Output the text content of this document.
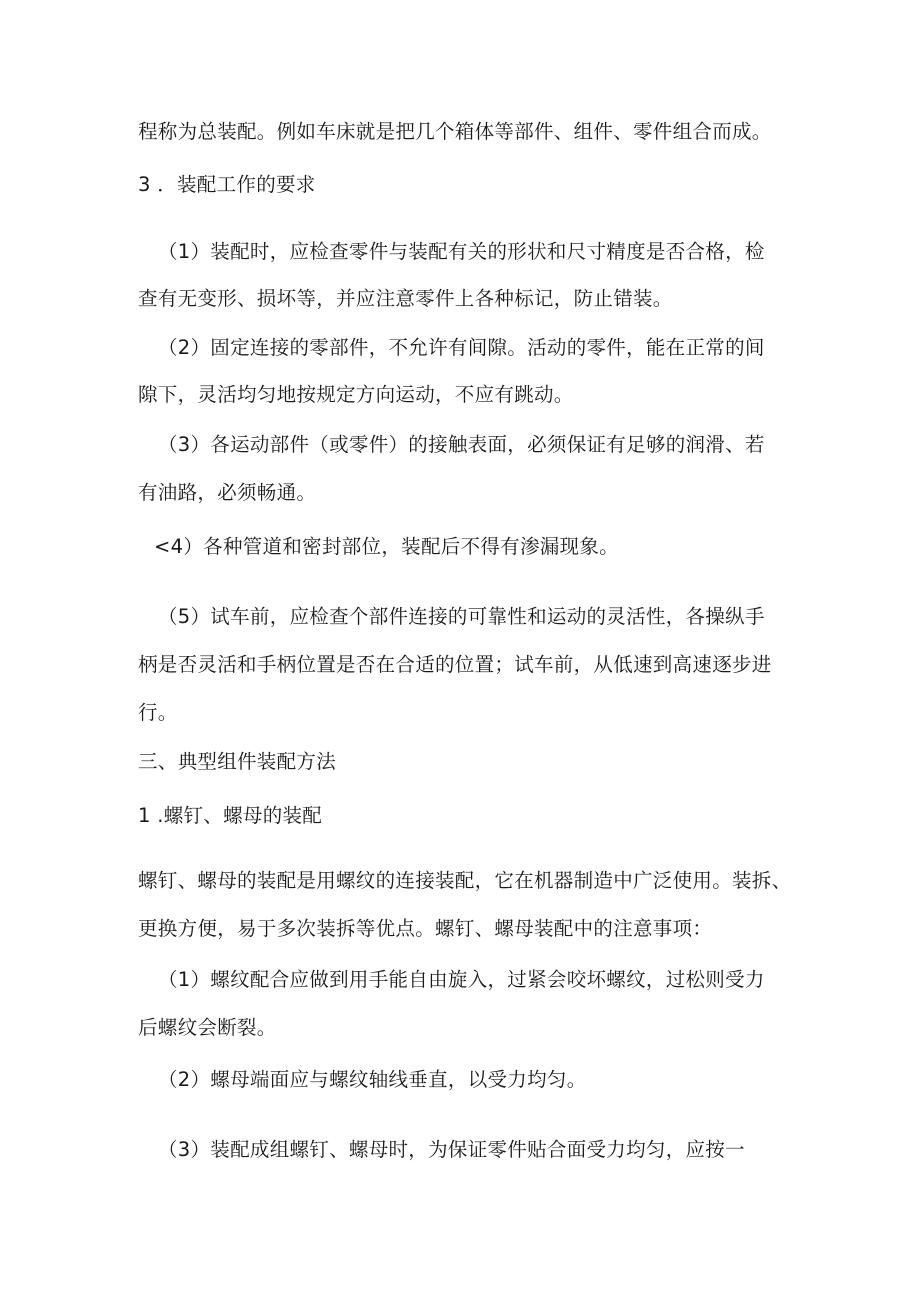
程称为总装配。例如车床就是把几个箱体等部件、组件、零件组合而成。
3 ．装配工作的要求
（1）装配时，应检查零件与装配有关的形状和尺寸精度是否合格，检
查有无变形、损坏等，并应注意零件上各种标记，防止错装。
（2）固定连接的零部件，不允许有间隙。活动的零件，能在正常的间
隙下，灵活均匀地按规定方向运动，不应有跳动。
（3）各运动部件（或零件）的接触表面，必须保证有足够的润滑、若
有油路，必须畅通。
<4）各种管道和密封部位，装配后不得有渗漏现象。
（5）试车前，应检查个部件连接的可靠性和运动的灵活性，各操纵手
柄是否灵活和手柄位置是否在合适的位置；试车前，从低速到高速逐步进
行。
三、典型组件装配方法
1 .螺钉、螺母的装配
螺钉、螺母的装配是用螺纹的连接装配，它在机器制造中广泛使用。装拆、
更换方便，易于多次装拆等优点。螺钉、螺母装配中的注意事项：
（1）螺纹配合应做到用手能自由旋入，过紧会咬坏螺纹，过松则受力
后螺纹会断裂。
（2）螺母端面应与螺纹轴线垂直，以受力均匀。
（3）装配成组螺钉、螺母时，为保证零件贴合面受力均匀，应按一
